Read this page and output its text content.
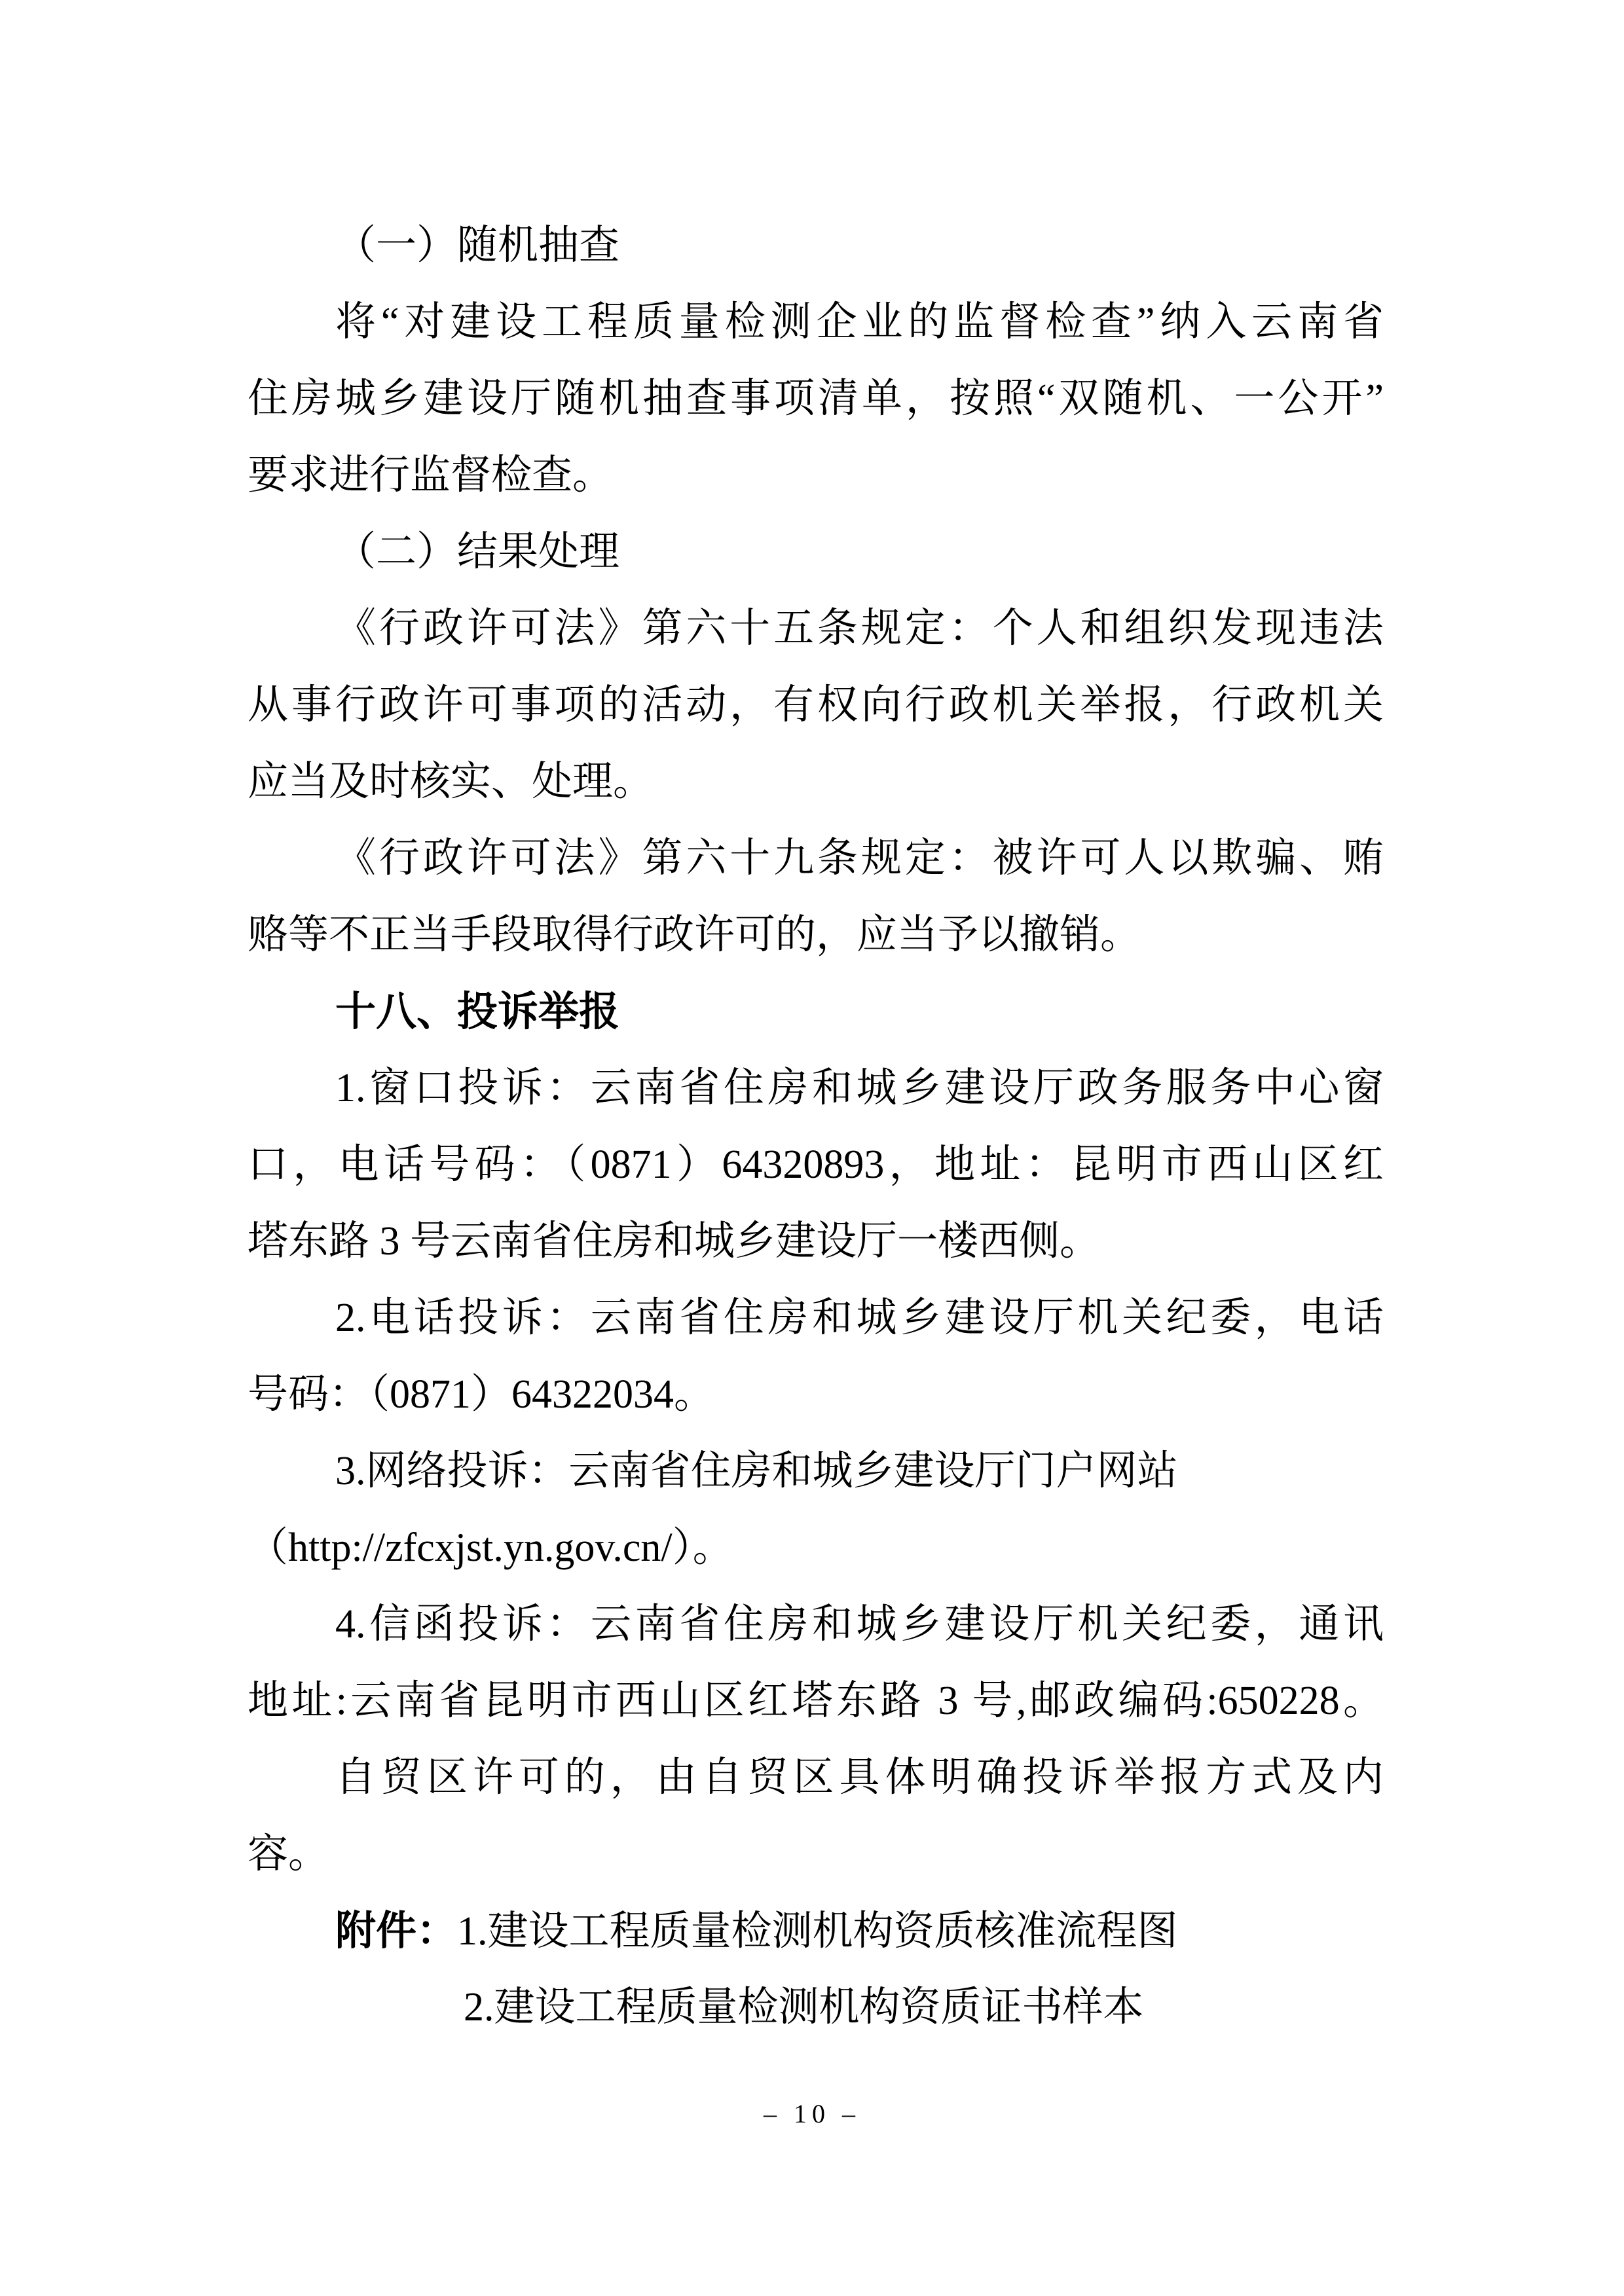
（一）随机抽查
将“对建设工程质量检测企业的监督检查”纳入云南省
住房城乡建设厅随机抽查事项清单，按照“双随机、一公开”
要求进行监督检查。
（二）结果处理
《行政许可法》第六十五条规定：个人和组织发现违法
从事行政许可事项的活动，有权向行政机关举报，行政机关
应当及时核实、处理。
《行政许可法》第六十九条规定：被许可人以欺骗、贿
赂等不正当手段取得行政许可的，应当予以撤销。
十八、投诉举报
1.窗口投诉：云南省住房和城乡建设厅政务服务中心窗
口，电话号码：（0871）64320893，地址：昆明市西山区红
塔东路 3 号云南省住房和城乡建设厅一楼西侧。
2.电话投诉：云南省住房和城乡建设厅机关纪委，电话
号码：（0871）64322034。
3.网络投诉：云南省住房和城乡建设厅门户网站
（http://zfcxjst.yn.gov.cn/）。
4.信函投诉：云南省住房和城乡建设厅机关纪委，通讯
地址:云南省昆明市西山区红塔东路 3 号,邮政编码:650228。
自贸区许可的，由自贸区具体明确投诉举报方式及内
容。
附件：1.建设工程质量检测机构资质核准流程图
2.建设工程质量检测机构资质证书样本
– 10 –
